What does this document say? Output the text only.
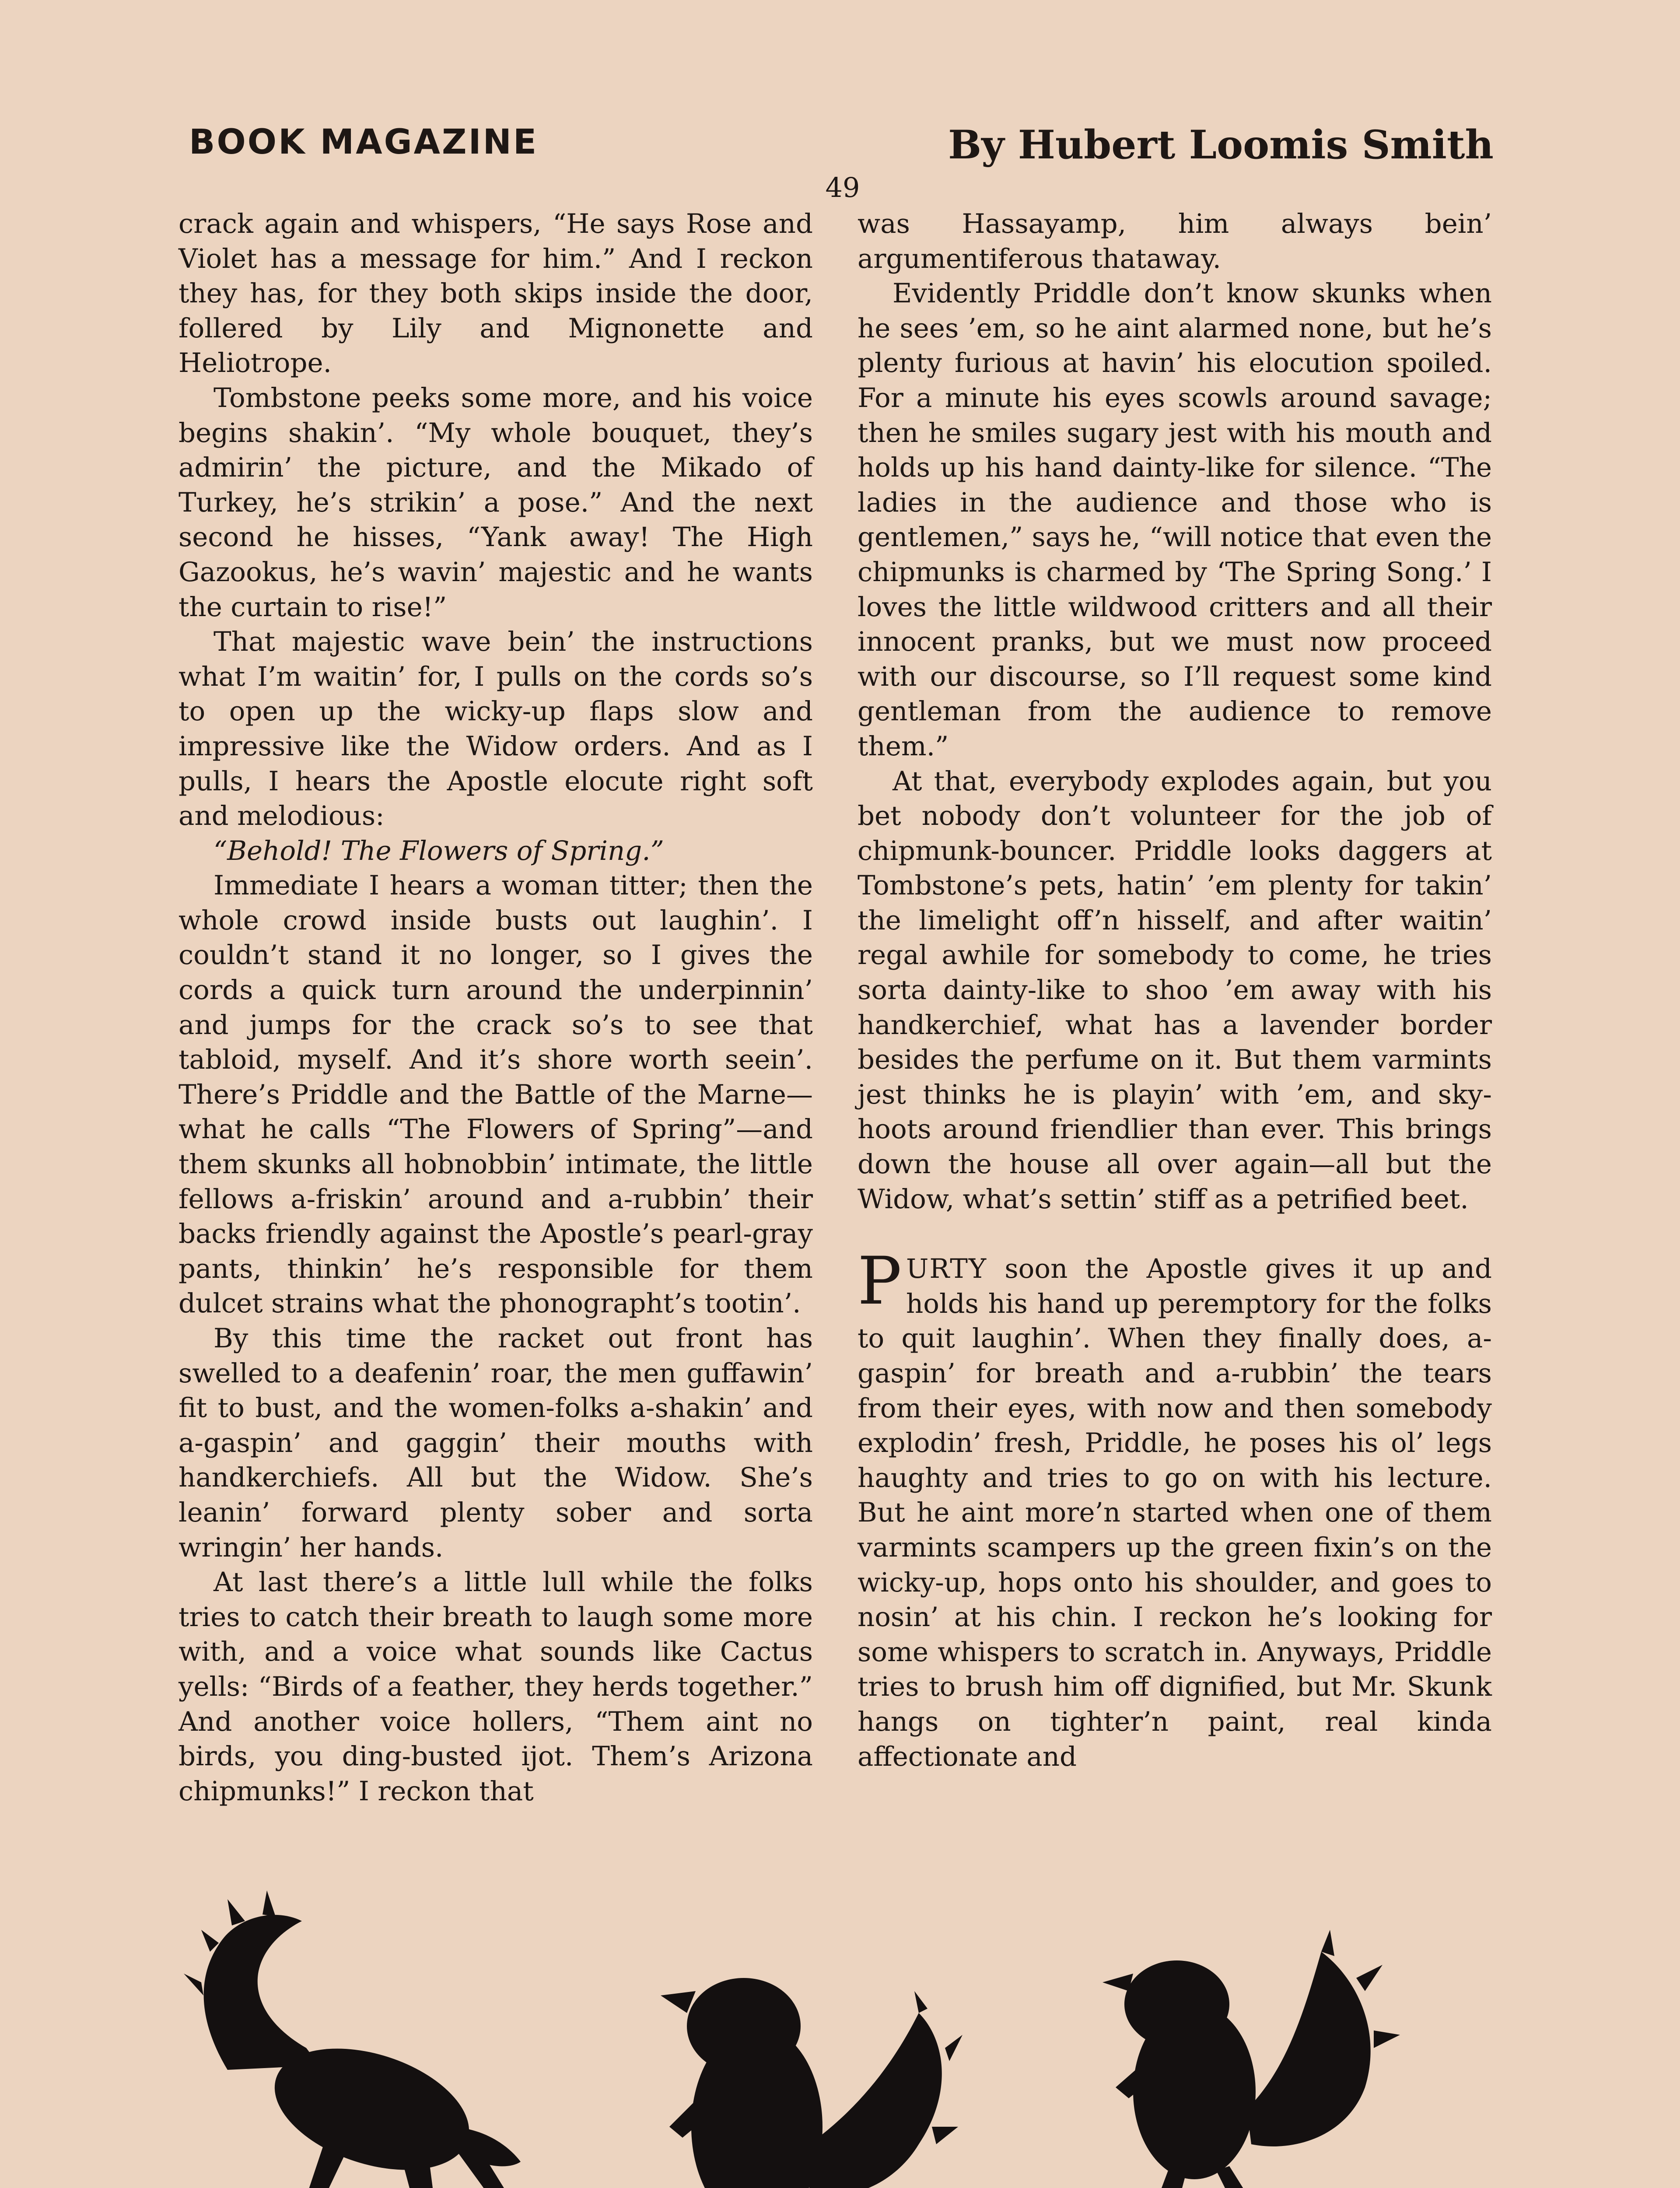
BOOK MAGAZINE	By Hubert Loomis Smith
49

crack again and whispers, “He says Rose and Violet has a message for him.” And I reckon they has, for they both skips inside the door, follered by Lily and Mignonette and Heliotrope.

Tombstone peeks some more, and his voice begins shakin’. “My whole bouquet, they’s admirin’ the picture, and the Mikado of Turkey, he’s strikin’ a pose.” And the next second he hisses, “Yank away! The High Gazookus, he’s wavin’ majestic and he wants the curtain to rise!”

That majestic wave bein’ the instructions what I’m waitin’ for, I pulls on the cords so’s to open up the wicky-up flaps slow and impressive like the Widow orders. And as I pulls, I hears the Apostle elocute right soft and melodious:

“Behold! The Flowers of Spring.”

Immediate I hears a woman titter; then the whole crowd inside busts out laughin’. I couldn’t stand it no longer, so I gives the cords a quick turn around the underpinnin’ and jumps for the crack so’s to see that tabloid, myself. And it’s shore worth seein’. There’s Priddle and the Battle of the Marne—what he calls “The Flowers of Spring”—and them skunks all hobnobbin’ intimate, the little fellows a-friskin’ around and a-rubbin’ their backs friendly against the Apostle’s pearl-gray pants, thinkin’ he’s responsible for them dulcet strains what the phonographt’s tootin’.

By this time the racket out front has swelled to a deafenin’ roar, the men guffawin’ fit to bust, and the women-folks a-shakin’ and a-gaspin’ and gaggin’ their mouths with handkerchiefs. All but the Widow. She’s leanin’ forward plenty sober and sorta wringin’ her hands.

At last there’s a little lull while the folks tries to catch their breath to laugh some more with, and a voice what sounds like Cactus yells: “Birds of a feather, they herds together.” And another voice hollers, “Them aint no birds, you ding-busted ijot. Them’s Arizona chipmunks!” I reckon that

was Hassayamp, him always bein’ argumentiferous thataway.

Evidently Priddle don’t know skunks when he sees ’em, so he aint alarmed none, but he’s plenty furious at havin’ his elocution spoiled. For a minute his eyes scowls around savage; then he smiles sugary jest with his mouth and holds up his hand dainty-like for silence. “The ladies in the audience and those who is gentlemen,” says he, “will notice that even the chipmunks is charmed by ‘The Spring Song.’ I loves the little wildwood critters and all their innocent pranks, but we must now proceed with our discourse, so I’ll request some kind gentleman from the audience to remove them.”

At that, everybody explodes again, but you bet nobody don’t volunteer for the job of chipmunk-bouncer. Priddle looks daggers at Tombstone’s pets, hatin’ ’em plenty for takin’ the limelight off’n hisself, and after waitin’ regal awhile for somebody to come, he tries sorta dainty-like to shoo ’em away with his handkerchief, what has a lavender border besides the perfume on it. But them varmints jest thinks he is playin’ with ’em, and sky-hoots around friendlier than ever. This brings down the house all over again—all but the Widow, what’s settin’ stiff as a petrified beet.

PURTY soon the Apostle gives it up and holds his hand up peremptory for the folks to quit laughin’. When they finally does, a-gaspin’ for breath and a-rubbin’ the tears from their eyes, with now and then somebody explodin’ fresh, Priddle, he poses his ol’ legs haughty and tries to go on with his lecture. But he aint more’n started when one of them varmints scampers up the green fixin’s on the wicky-up, hops onto his shoulder, and goes to nosin’ at his chin. I reckon he’s looking for some whispers to scratch in. Anyways, Priddle tries to brush him off dignified, but Mr. Skunk hangs on tighter’n paint, real kinda affectionate and
